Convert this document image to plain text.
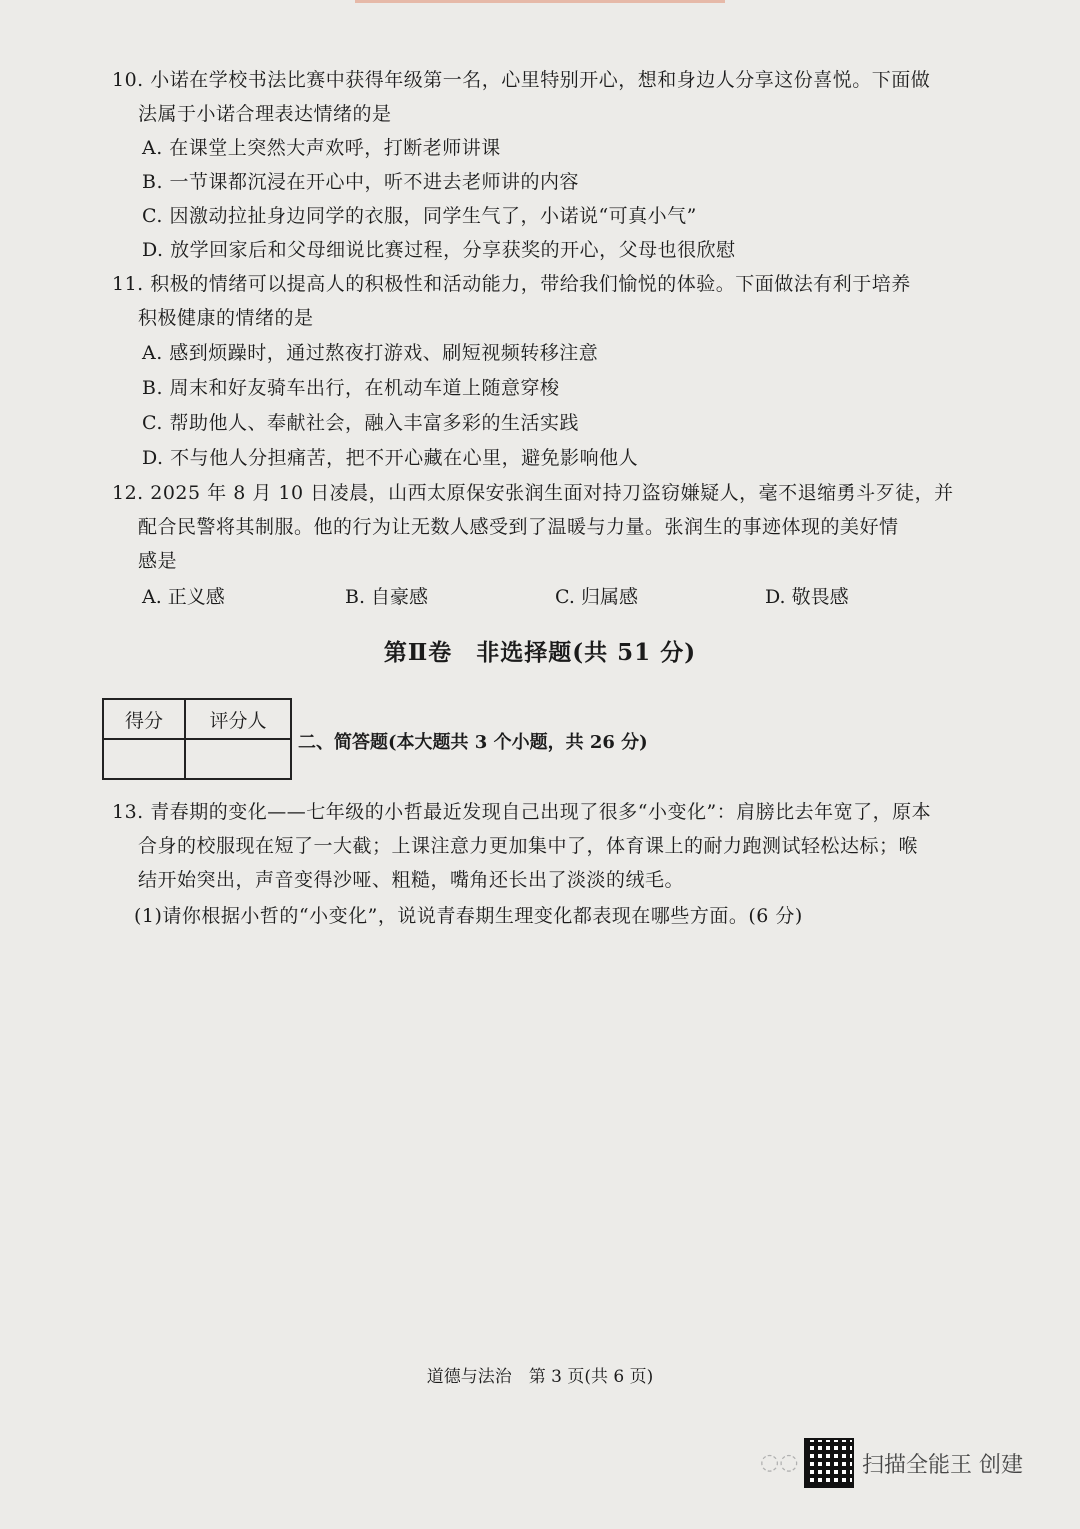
10. 小诺在学校书法比赛中获得年级第一名，心里特别开心，想和身边人分享这份喜悦。下面做
法属于小诺合理表达情绪的是
A. 在课堂上突然大声欢呼，打断老师讲课
B. 一节课都沉浸在开心中，听不进去老师讲的内容
C. 因激动拉扯身边同学的衣服，同学生气了，小诺说“可真小气”
D. 放学回家后和父母细说比赛过程，分享获奖的开心，父母也很欣慰
11. 积极的情绪可以提高人的积极性和活动能力，带给我们愉悦的体验。下面做法有利于培养
积极健康的情绪的是
A. 感到烦躁时，通过熬夜打游戏、刷短视频转移注意
B. 周末和好友骑车出行，在机动车道上随意穿梭
C. 帮助他人、奉献社会，融入丰富多彩的生活实践
D. 不与他人分担痛苦，把不开心藏在心里，避免影响他人
12. 2025 年 8 月 10 日凌晨，山西太原保安张润生面对持刀盗窃嫌疑人，毫不退缩勇斗歹徒，并
配合民警将其制服。他的行为让无数人感受到了温暖与力量。张润生的事迹体现的美好情
感是
A. 正义感	B. 自豪感	C. 归属感	D. 敬畏感
第Ⅱ卷　非选择题(共 51 分)
得分	评分人

二、简答题(本大题共 3 个小题，共 26 分)
13. 青春期的变化——七年级的小哲最近发现自己出现了很多“小变化”：肩膀比去年宽了，原本
合身的校服现在短了一大截；上课注意力更加集中了，体育课上的耐力跑测试轻松达标；喉
结开始突出，声音变得沙哑、粗糙，嘴角还长出了淡淡的绒毛。
(1)请你根据小哲的“小变化”，说说青春期生理变化都表现在哪些方面。(6 分)
道德与法治　第 3 页(共 6 页)
◌◌	扫描全能王 创建
